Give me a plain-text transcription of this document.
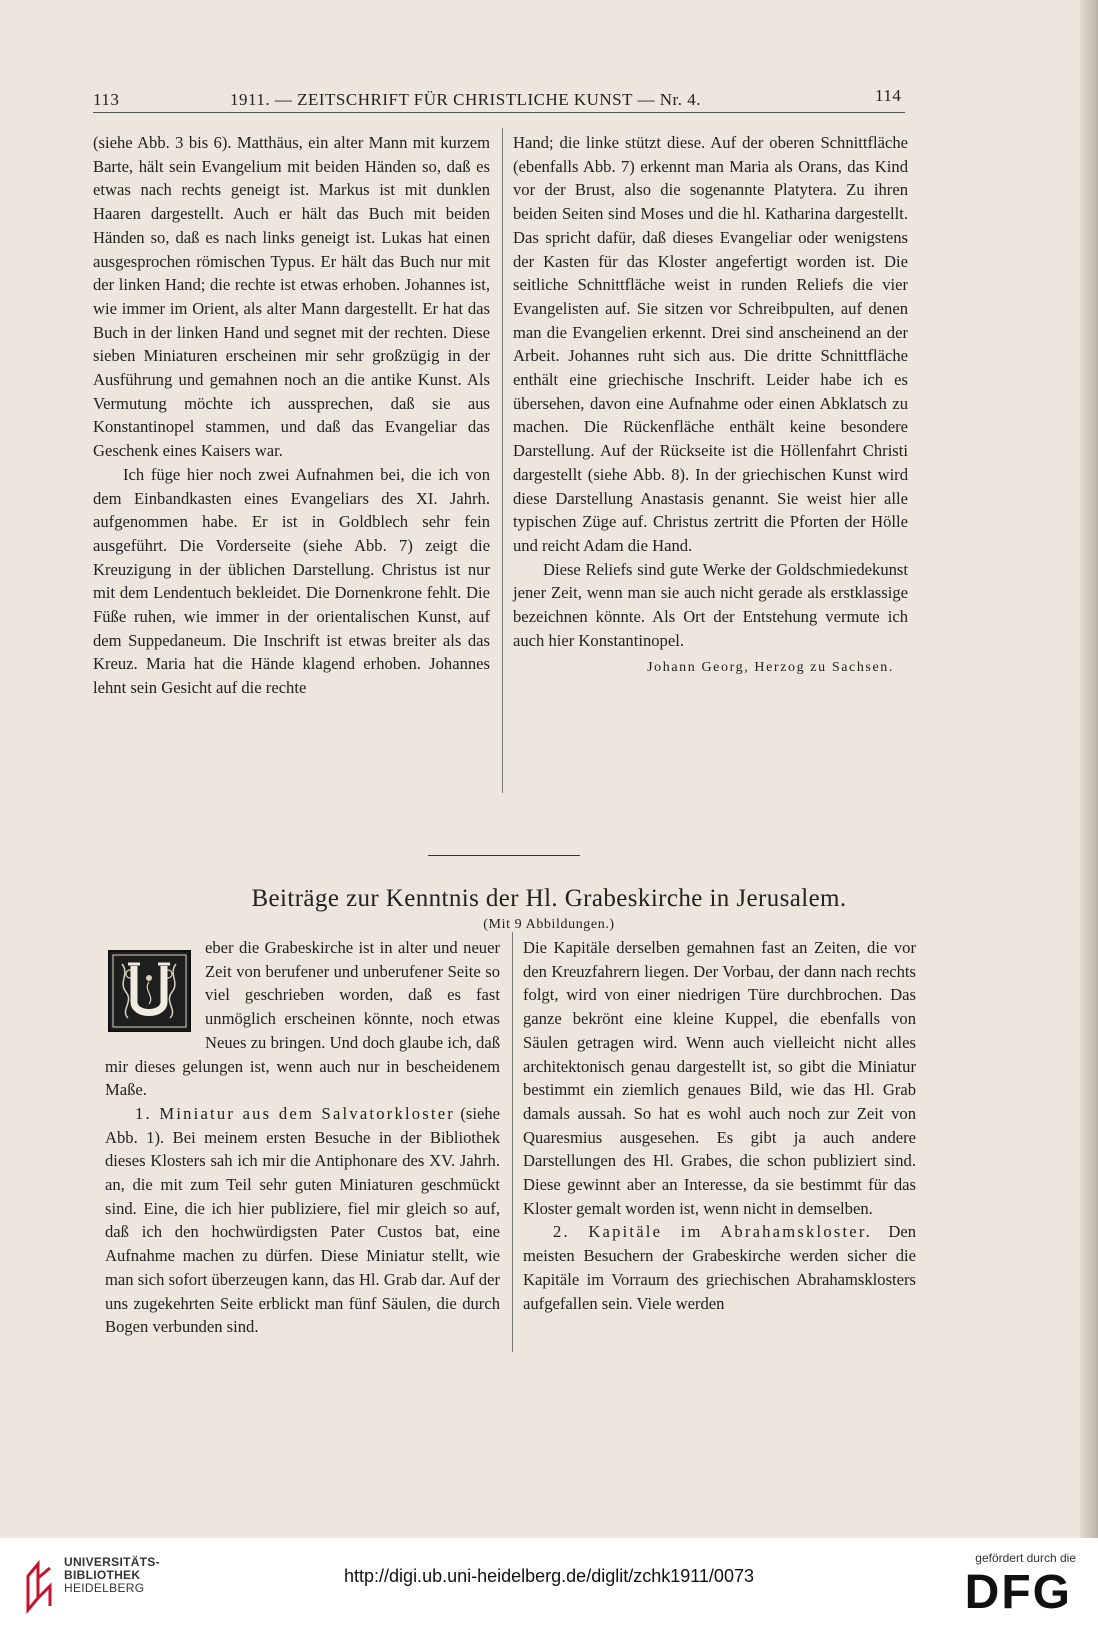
113	1911. — ZEITSCHRIFT FÜR CHRISTLICHE KUNST — Nr. 4.	114

(siehe Abb. 3 bis 6). Matthäus, ein alter Mann mit kurzem Barte, hält sein Evangelium mit beiden Händen so, daß es etwas nach rechts geneigt ist. Markus ist mit dunklen Haaren dargestellt. Auch er hält das Buch mit beiden Händen so, daß es nach links geneigt ist. Lukas hat einen ausgesprochen römischen Typus. Er hält das Buch nur mit der linken Hand; die rechte ist etwas erhoben. Johannes ist, wie immer im Orient, als alter Mann dargestellt. Er hat das Buch in der linken Hand und segnet mit der rechten. Diese sieben Miniaturen erscheinen mir sehr großzügig in der Ausführung und gemahnen noch an die antike Kunst. Als Vermutung möchte ich aussprechen, daß sie aus Konstantinopel stammen, und daß das Evangeliar das Geschenk eines Kaisers war.

Ich füge hier noch zwei Aufnahmen bei, die ich von dem Einbandkasten eines Evangeliars des XI. Jahrh. aufgenommen habe. Er ist in Goldblech sehr fein ausgeführt. Die Vorderseite (siehe Abb. 7) zeigt die Kreuzigung in der üblichen Darstellung. Christus ist nur mit dem Lendentuch bekleidet. Die Dornenkrone fehlt. Die Füße ruhen, wie immer in der orientalischen Kunst, auf dem Suppedaneum. Die Inschrift ist etwas breiter als das Kreuz. Maria hat die Hände klagend erhoben. Johannes lehnt sein Gesicht auf die rechte

Hand; die linke stützt diese. Auf der oberen Schnittfläche (ebenfalls Abb. 7) erkennt man Maria als Orans, das Kind vor der Brust, also die sogenannte Platytera. Zu ihren beiden Seiten sind Moses und die hl. Katharina dargestellt. Das spricht dafür, daß dieses Evangeliar oder wenigstens der Kasten für das Kloster angefertigt worden ist. Die seitliche Schnittfläche weist in runden Reliefs die vier Evangelisten auf. Sie sitzen vor Schreibpulten, auf denen man die Evangelien erkennt. Drei sind anscheinend an der Arbeit. Johannes ruht sich aus. Die dritte Schnittfläche enthält eine griechische Inschrift. Leider habe ich es übersehen, davon eine Aufnahme oder einen Abklatsch zu machen. Die Rückenfläche enthält keine besondere Darstellung. Auf der Rückseite ist die Höllenfahrt Christi dargestellt (siehe Abb. 8). In der griechischen Kunst wird diese Darstellung Anastasis genannt. Sie weist hier alle typischen Züge auf. Christus zertritt die Pforten der Hölle und reicht Adam die Hand.

Diese Reliefs sind gute Werke der Goldschmiedekunst jener Zeit, wenn man sie auch nicht gerade als erstklassige bezeichnen könnte. Als Ort der Entstehung vermute ich auch hier Konstantinopel.

Johann Georg, Herzog zu Sachsen.
Beiträge zur Kenntnis der Hl. Grabeskirche in Jerusalem.
(Mit 9 Abbildungen.)

eber die Grabeskirche ist in alter und neuer Zeit von berufener und unberufener Seite so viel geschrieben worden, daß es fast unmöglich erscheinen könnte, noch etwas Neues zu bringen. Und doch glaube ich, daß mir dieses gelungen ist, wenn auch nur in bescheidenem Maße.

1. Miniatur aus dem Salvatorkloster (siehe Abb. 1). Bei meinem ersten Besuche in der Bibliothek dieses Klosters sah ich mir die Antiphonare des XV. Jahrh. an, die mit zum Teil sehr guten Miniaturen geschmückt sind. Eine, die ich hier publiziere, fiel mir gleich so auf, daß ich den hochwürdigsten Pater Custos bat, eine Aufnahme machen zu dürfen. Diese Miniatur stellt, wie man sich sofort überzeugen kann, das Hl. Grab dar. Auf der uns zugekehrten Seite erblickt man fünf Säulen, die durch Bogen verbunden sind.

Die Kapitäle derselben gemahnen fast an Zeiten, die vor den Kreuzfahrern liegen. Der Vorbau, der dann nach rechts folgt, wird von einer niedrigen Türe durchbrochen. Das ganze bekrönt eine kleine Kuppel, die ebenfalls von Säulen getragen wird. Wenn auch vielleicht nicht alles architektonisch genau dargestellt ist, so gibt die Miniatur bestimmt ein ziemlich genaues Bild, wie das Hl. Grab damals aussah. So hat es wohl auch noch zur Zeit von Quaresmius ausgesehen. Es gibt ja auch andere Darstellungen des Hl. Grabes, die schon publiziert sind. Diese gewinnt aber an Interesse, da sie bestimmt für das Kloster gemalt worden ist, wenn nicht in demselben.

2. Kapitäle im Abrahamskloster. Den meisten Besuchern der Grabeskirche werden sicher die Kapitäle im Vorraum des griechischen Abrahamsklosters aufgefallen sein. Viele werden

UNIVERSITÄTS-
BIBLIOTHEK
HEIDELBERG
http://digi.ub.uni-heidelberg.de/diglit/zchk1911/0073
gefördert durch die
DFG
